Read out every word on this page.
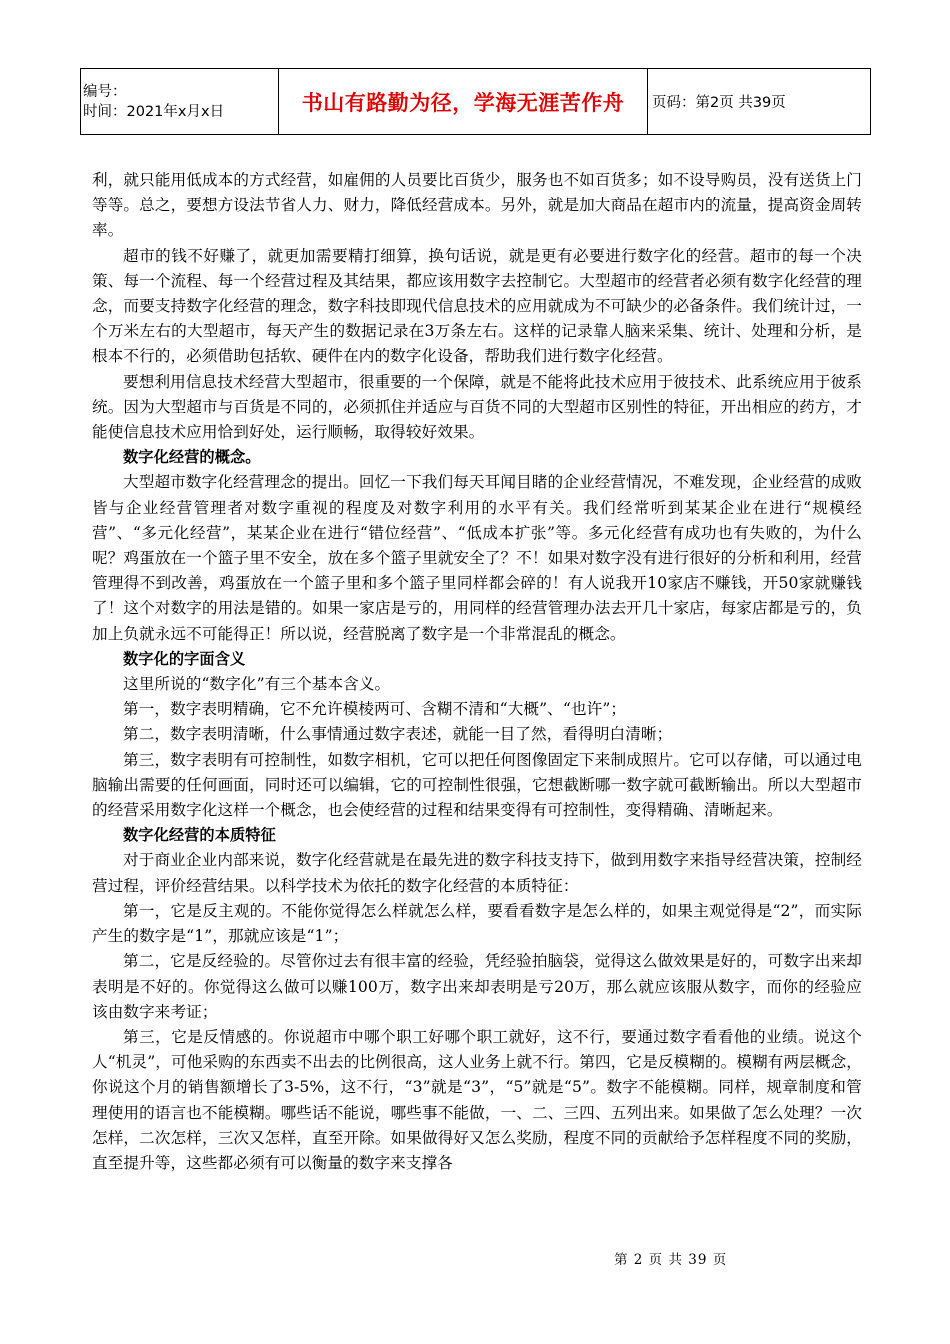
编号：
时间：2021年x月x日	书山有路勤为径，学海无涯苦作舟	页码：第2页 共39页

利，就只能用低成本的方式经营，如雇佣的人员要比百货少，服务也不如百货多；如不设导购员，没有送货上门等等。总之，要想方设法节省人力、财力，降低经营成本。另外，就是加大商品在超市内的流量，提高资金周转率。

超市的钱不好赚了，就更加需要精打细算，换句话说，就是更有必要进行数字化的经营。超市的每一个决策、每一个流程、每一个经营过程及其结果，都应该用数字去控制它。大型超市的经营者必须有数字化经营的理念，而要支持数字化经营的理念，数字科技即现代信息技术的应用就成为不可缺少的必备条件。我们统计过，一个万米左右的大型超市，每天产生的数据记录在3万条左右。这样的记录靠人脑来采集、统计、处理和分析，是根本不行的，必须借助包括软、硬件在内的数字化设备，帮助我们进行数字化经营。

要想利用信息技术经营大型超市，很重要的一个保障，就是不能将此技术应用于彼技术、此系统应用于彼系统。因为大型超市与百货是不同的，必须抓住并适应与百货不同的大型超市区别性的特征，开出相应的药方，才能使信息技术应用恰到好处，运行顺畅，取得较好效果。

数字化经营的概念。

大型超市数字化经营理念的提出。回忆一下我们每天耳闻目睹的企业经营情况，不难发现，企业经营的成败皆与企业经营管理者对数字重视的程度及对数字利用的水平有关。我们经常听到某某企业在进行“规模经营”、“多元化经营”，某某企业在进行“错位经营”、“低成本扩张”等。多元化经营有成功也有失败的，为什么呢？鸡蛋放在一个篮子里不安全，放在多个篮子里就安全了？不！如果对数字没有进行很好的分析和利用，经营管理得不到改善，鸡蛋放在一个篮子里和多个篮子里同样都会碎的！有人说我开10家店不赚钱，开50家就赚钱了！这个对数字的用法是错的。如果一家店是亏的，用同样的经营管理办法去开几十家店，每家店都是亏的，负加上负就永远不可能得正！所以说，经营脱离了数字是一个非常混乱的概念。

数字化的字面含义

这里所说的“数字化”有三个基本含义。

第一，数字表明精确，它不允许模棱两可、含糊不清和“大概”、“也许”；

第二，数字表明清晰，什么事情通过数字表述，就能一目了然，看得明白清晰；

第三，数字表明有可控制性，如数字相机，它可以把任何图像固定下来制成照片。它可以存储，可以通过电脑输出需要的任何画面，同时还可以编辑，它的可控制性很强，它想截断哪一数字就可截断输出。所以大型超市的经营采用数字化这样一个概念，也会使经营的过程和结果变得有可控制性，变得精确、清晰起来。

数字化经营的本质特征

对于商业企业内部来说，数字化经营就是在最先进的数字科技支持下，做到用数字来指导经营决策，控制经营过程，评价经营结果。以科学技术为依托的数字化经营的本质特征：

第一，它是反主观的。不能你觉得怎么样就怎么样，要看看数字是怎么样的，如果主观觉得是“2”，而实际产生的数字是“1”，那就应该是“1”；

第二，它是反经验的。尽管你过去有很丰富的经验，凭经验拍脑袋，觉得这么做效果是好的，可数字出来却表明是不好的。你觉得这么做可以赚100万，数字出来却表明是亏20万，那么就应该服从数字，而你的经验应该由数字来考证；

第三，它是反情感的。你说超市中哪个职工好哪个职工就好，这不行，要通过数字看看他的业绩。说这个人“机灵”，可他采购的东西卖不出去的比例很高，这人业务上就不行。第四，它是反模糊的。模糊有两层概念，你说这个月的销售额增长了3-5%，这不行，“3”就是“3”，“5”就是“5”。数字不能模糊。同样，规章制度和管理使用的语言也不能模糊。哪些话不能说，哪些事不能做，一、二、三四、五列出来。如果做了怎么处理？一次怎样，二次怎样，三次又怎样，直至开除。如果做得好又怎么奖励，程度不同的贡献给予怎样程度不同的奖励，直至提升等，这些都必须有可以衡量的数字来支撑各

第 2 页 共 39 页
